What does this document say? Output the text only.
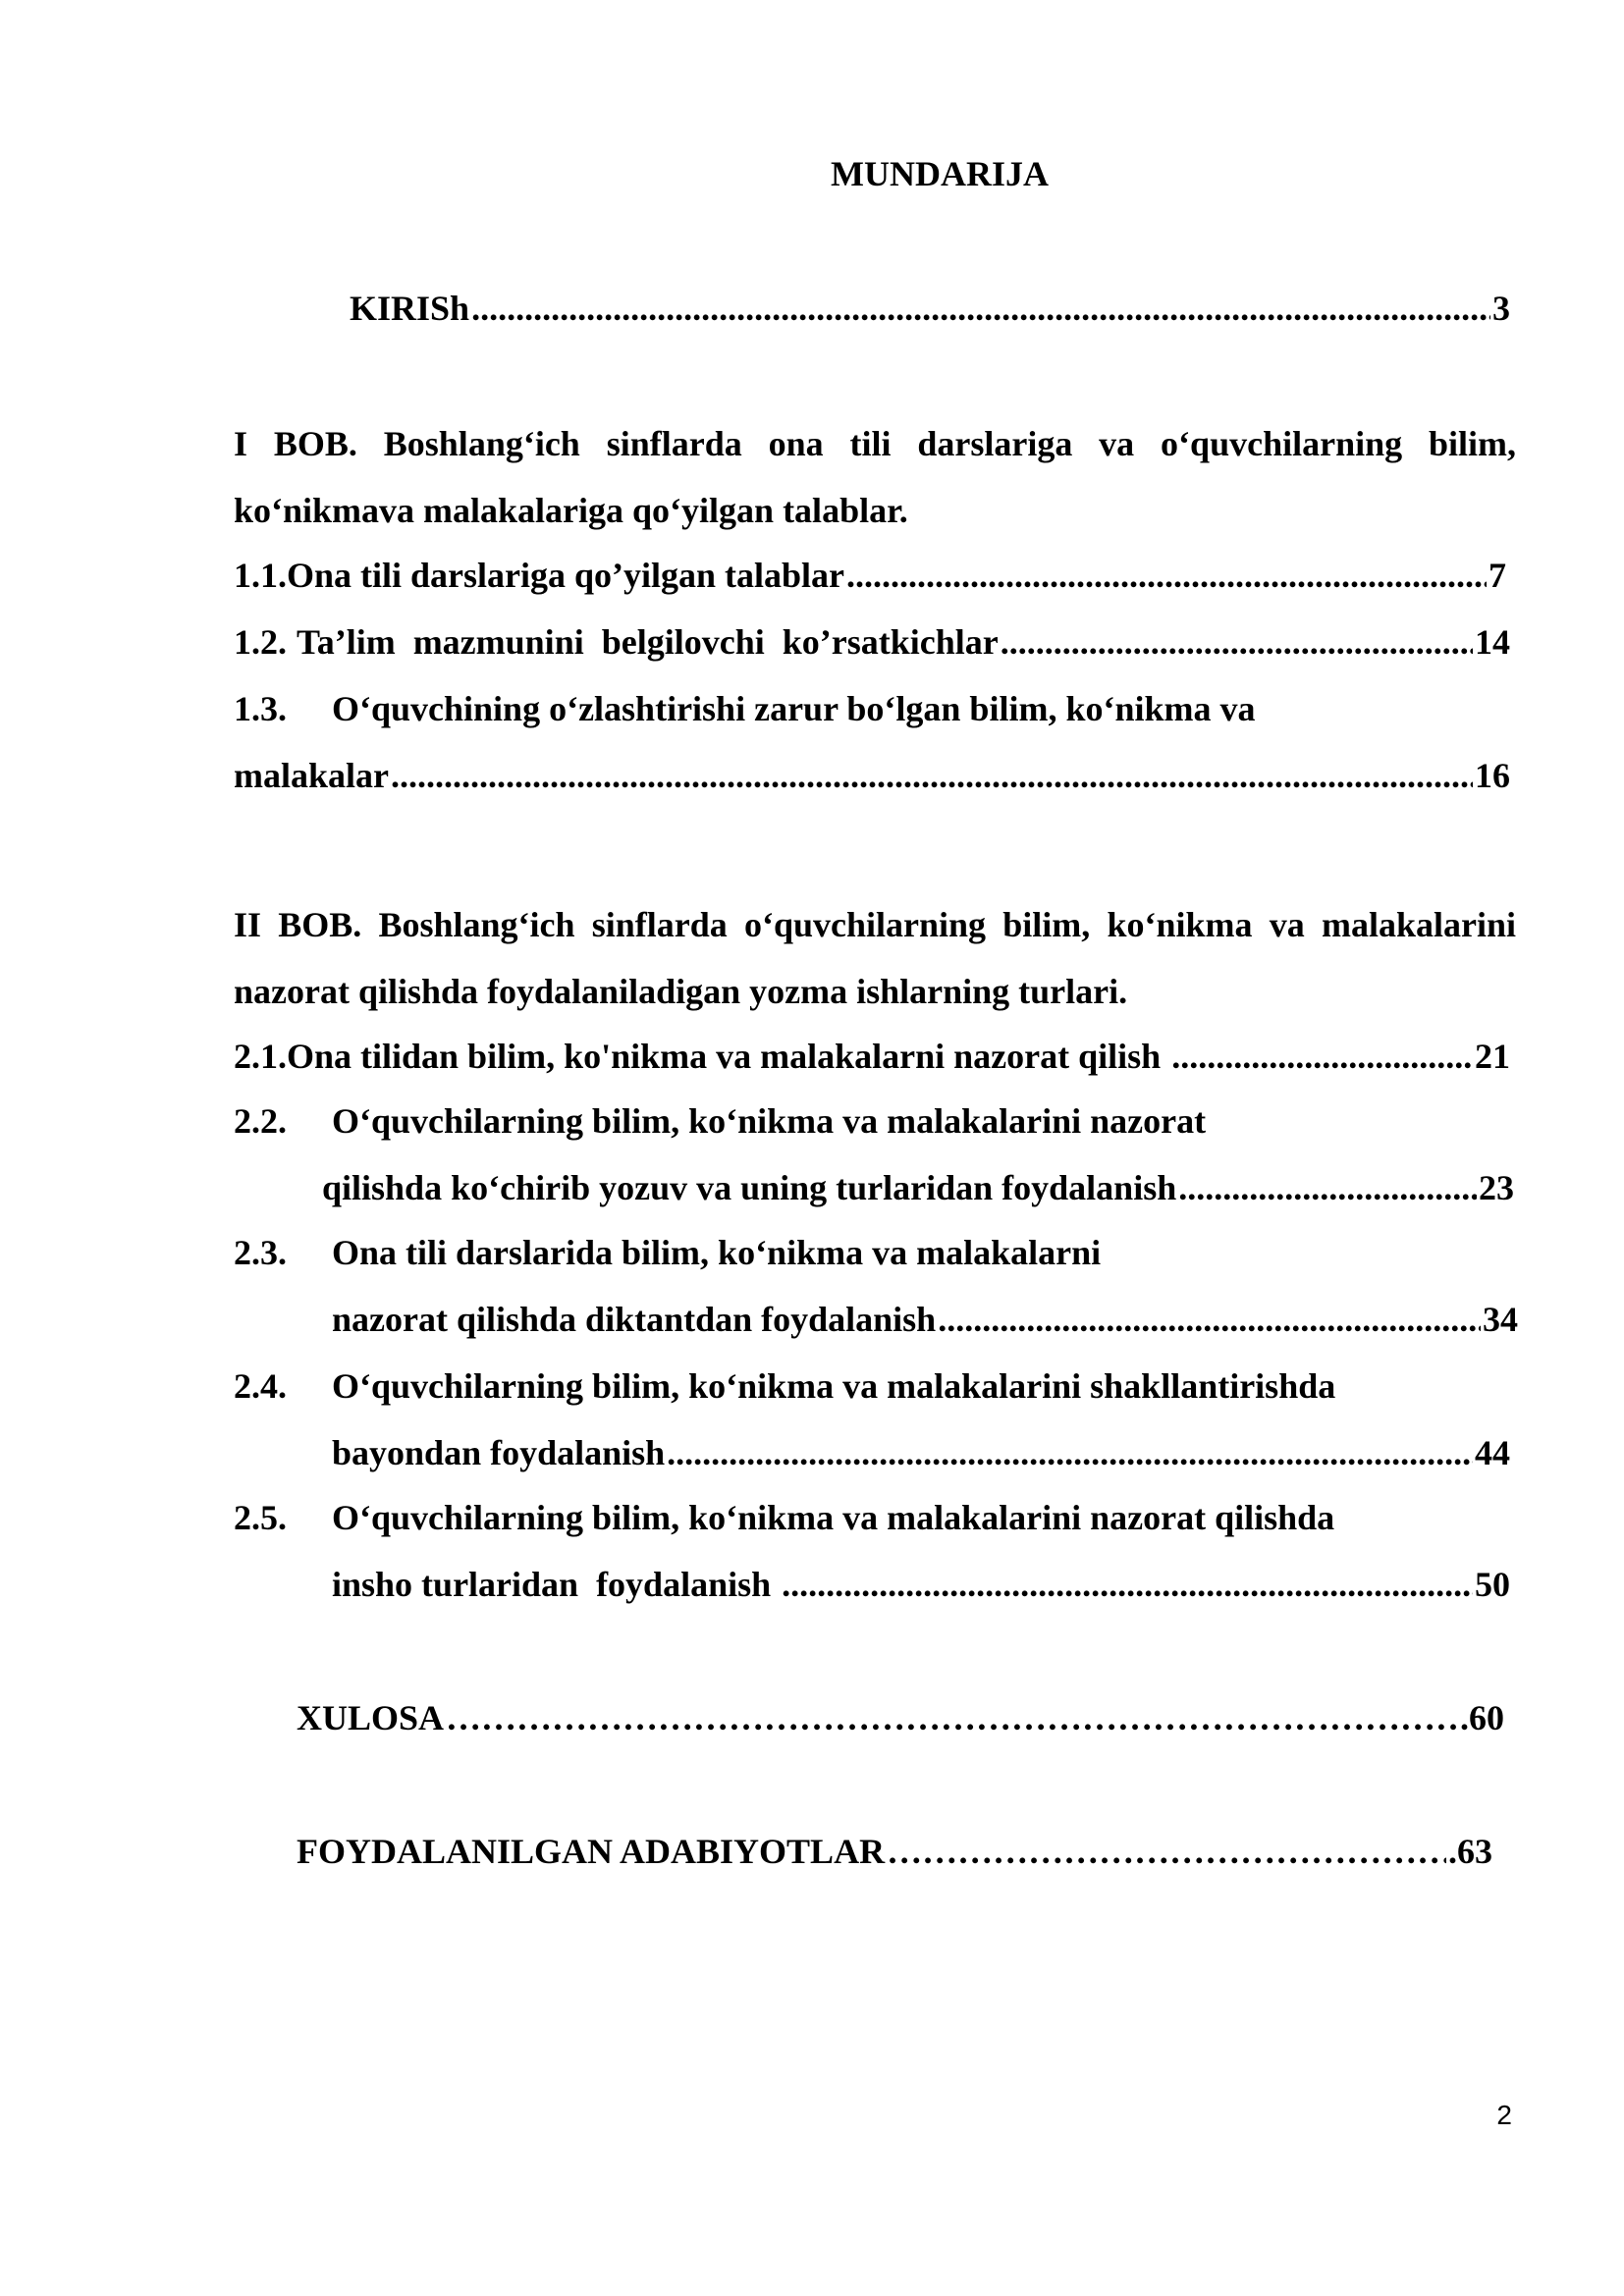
MUNDARIJA
KIRISh .....	3
I BOB. Boshlang‘ich sinflarda ona tili darslariga va o‘quvchilarning bilim, ko‘nikmava malakalariga qo‘yilgan talablar.
1.1. Ona tili darslariga qo’yilgan talablar .....	7
1.2. Ta’lim  mazmunini  belgilovchi  ko’rsatkichlar .....	14
1.3. O‘quvchining o‘zlashtirishi zarur bo‘lgan bilim, ko‘nikma va
malakalar .....	16
II BOB. Boshlang‘ich sinflarda o‘quvchilarning bilim, ko‘nikma va malakalarini nazorat qilishda foydalaniladigan yozma ishlarning turlari.
2.1. Ona tilidan bilim, ko'nikma va malakalarni nazorat qilish .....	21
2.2. O‘quvchilarning bilim, ko‘nikma va malakalarini nazorat
qilishda ko‘chirib yozuv va uning turlaridan foydalanish .....	23
2.3. Ona tili darslarida bilim, ko‘nikma va malakalarni
nazorat qilishda diktantdan foydalanish .....	34
2.4. O‘quvchilarning bilim, ko‘nikma va malakalarini shakllantirishda
bayondan foydalanish .....	44
2.5. O‘quvchilarning bilim, ko‘nikma va malakalarini nazorat qilishda
insho turlaridan  foydalanish .....	50
XULOSA ………………………………………………………………………………………………………………………………………………………………………………………………………	.60
FOYDALANILGAN ADABIYOTLAR ………………………………………………………………………………………………………………………………………………………………………………………………………	.63
2
